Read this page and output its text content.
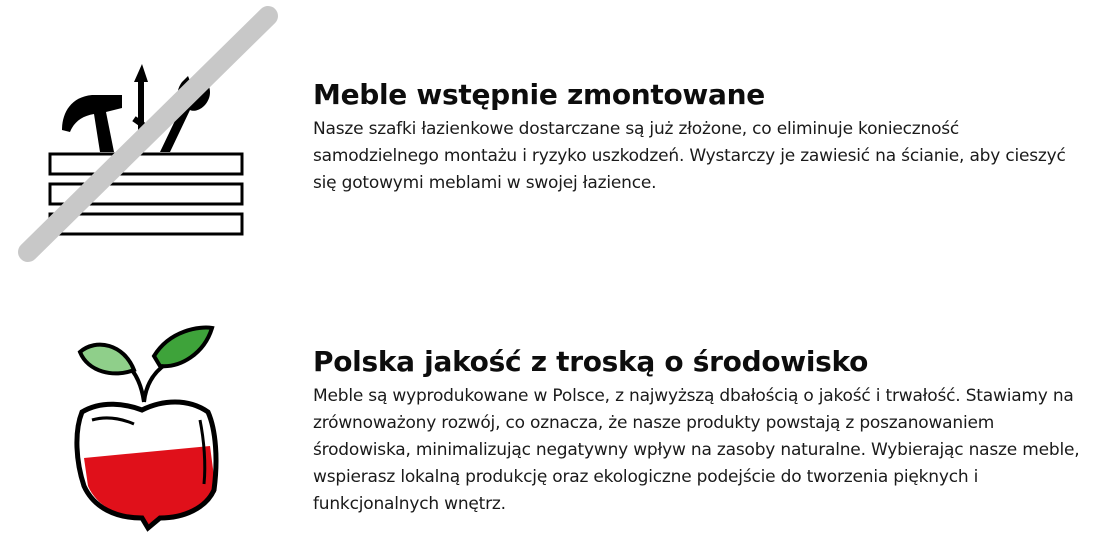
Meble wstępnie zmontowane

Nasze szafki łazienkowe dostarczane są już złożone, co eliminuje konieczność samodzielnego montażu i ryzyko uszkodzeń. Wystarczy je zawiesić na ścianie, aby cieszyć się gotowymi meblami w swojej łazience.

Polska jakość z troską o środowisko

Meble są wyprodukowane w Polsce, z najwyższą dbałością o jakość i trwałość. Stawiamy na zrównoważony rozwój, co oznacza, że nasze produkty powstają z poszanowaniem środowiska, minimalizując negatywny wpływ na zasoby naturalne. Wybierając nasze meble, wspierasz lokalną produkcję oraz ekologiczne podejście do tworzenia pięknych i funkcjonalnych wnętrz.
